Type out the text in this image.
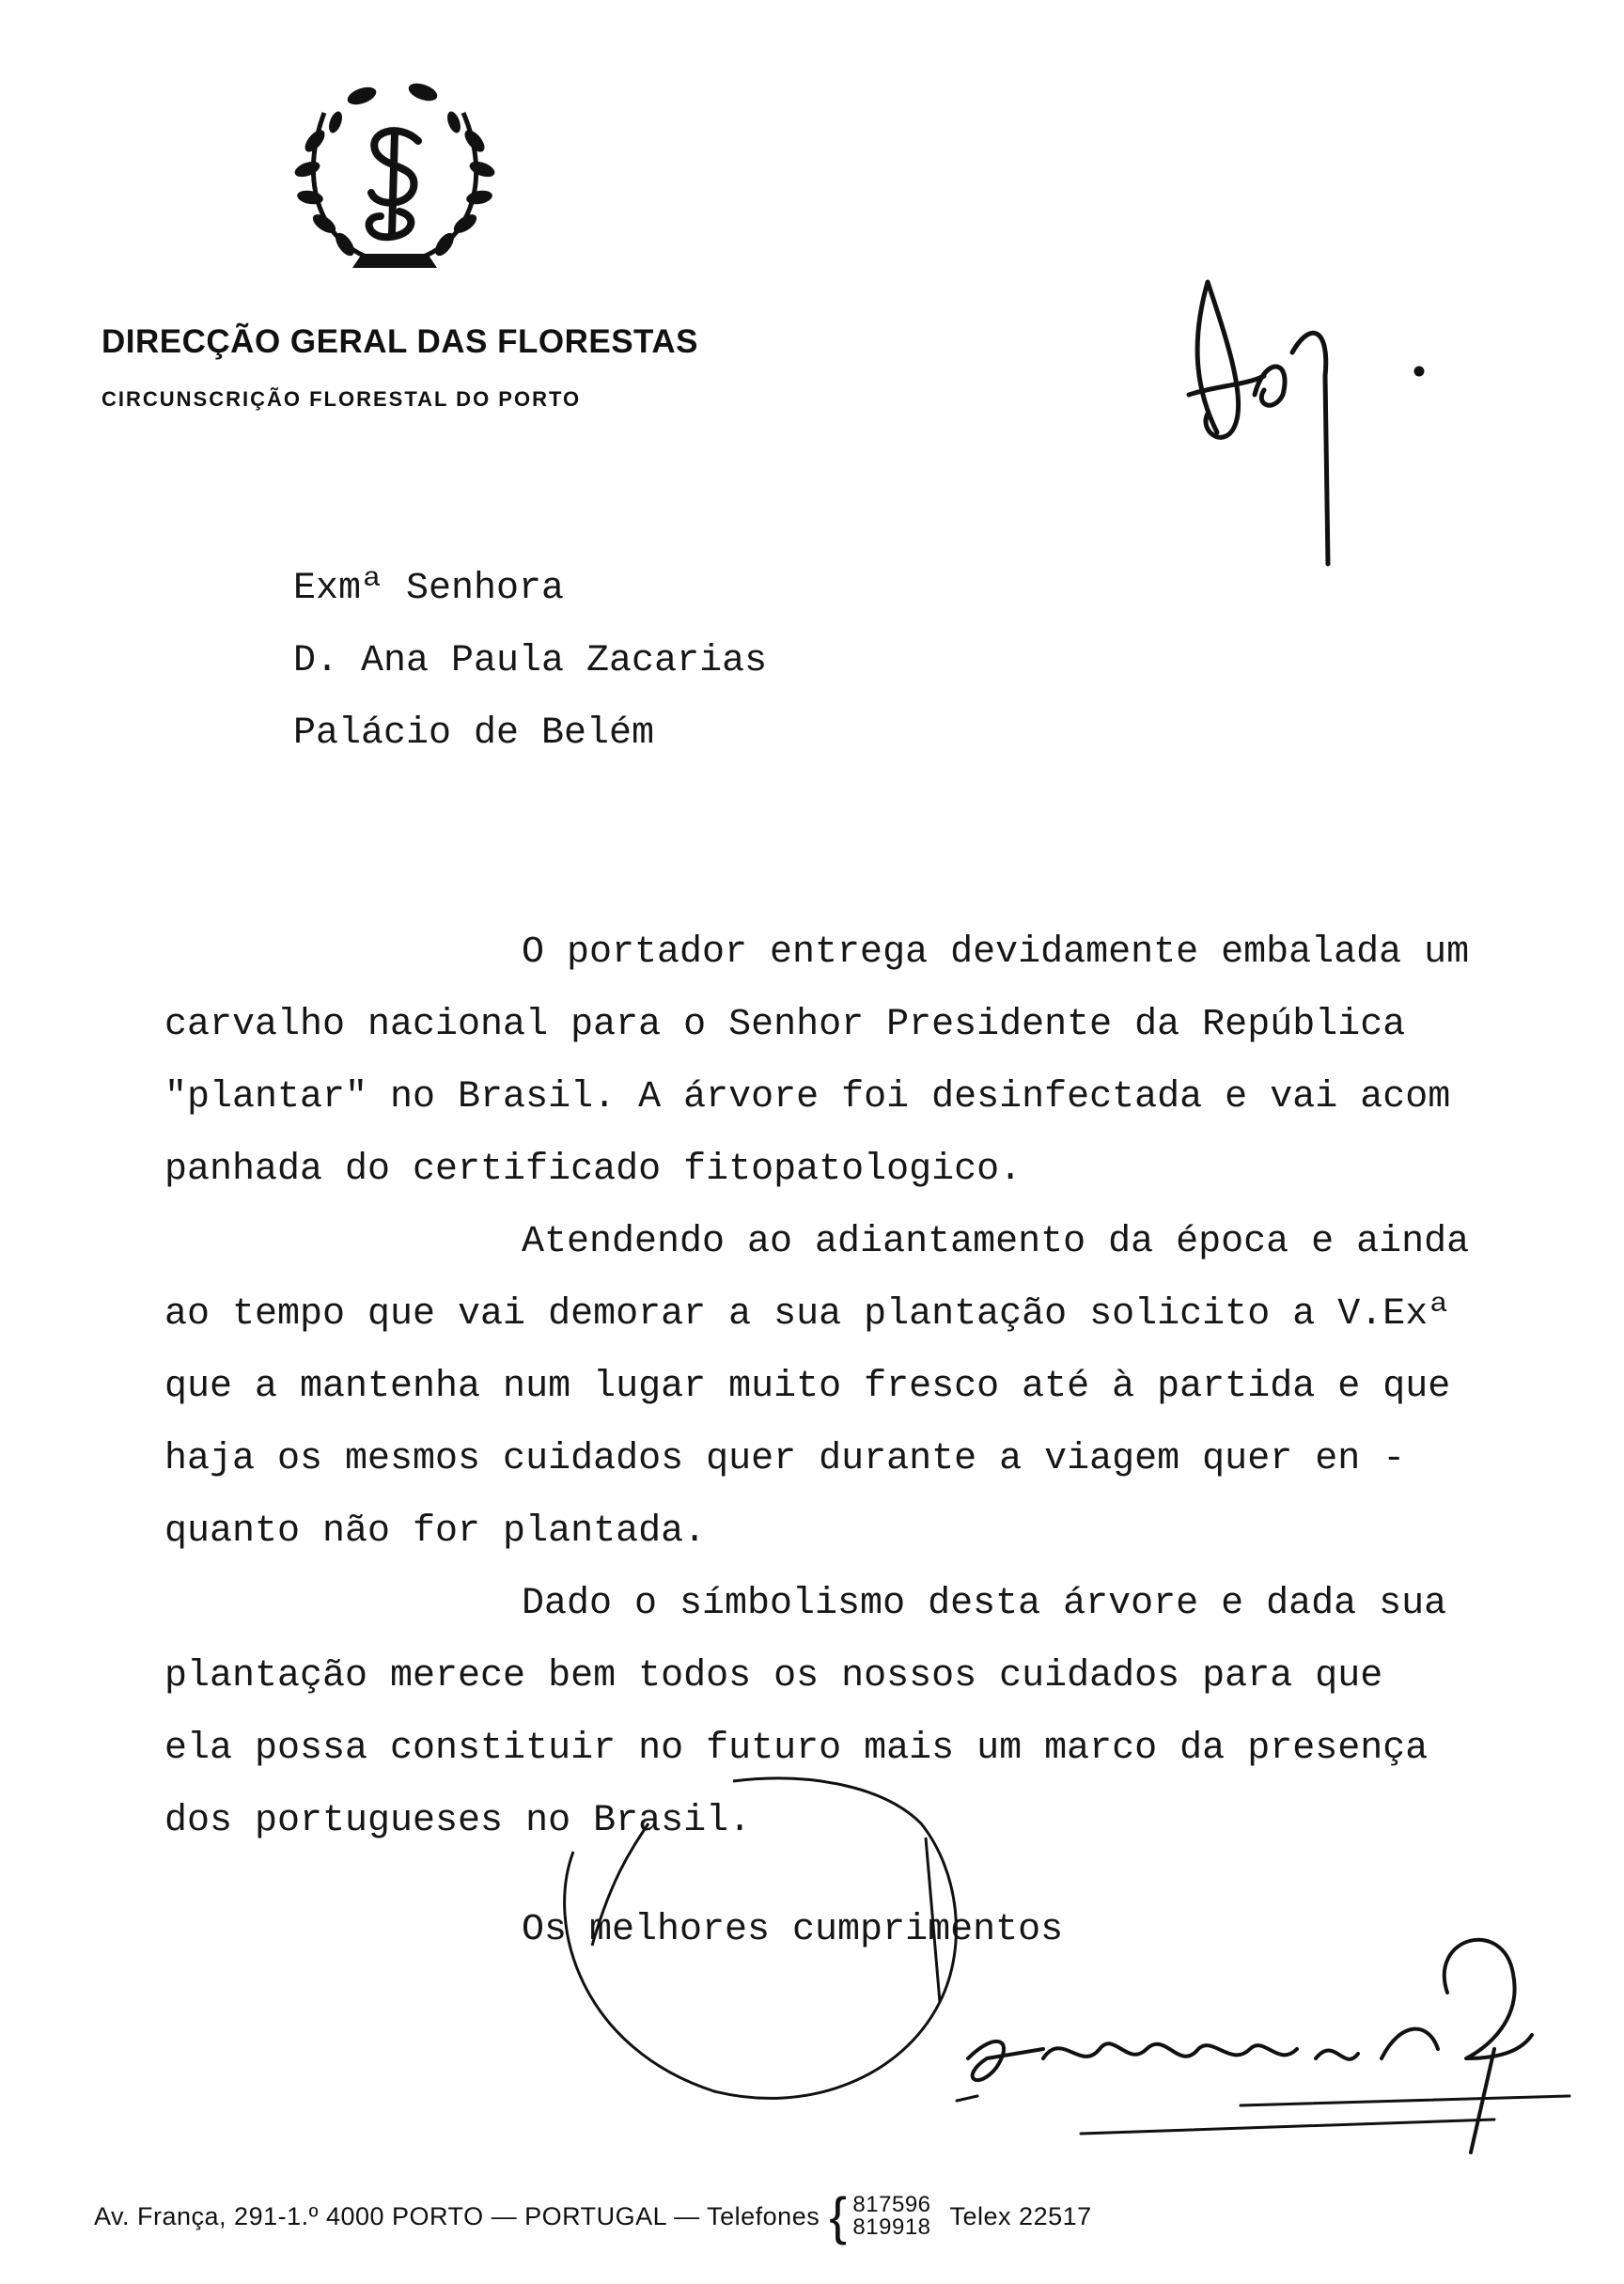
DIRECÇÃO GERAL DAS FLORESTAS
CIRCUNSCRIÇÃO FLORESTAL DO PORTO
Exmª Senhora
D. Ana Paula Zacarias
Palácio de Belém
O portador entrega devidamente embalada um
carvalho nacional para o Senhor Presidente da República
"plantar" no Brasil. A árvore foi desinfectada e vai acom
panhada do certificado fitopatologico.
Atendendo ao adiantamento da época e ainda
ao tempo que vai demorar a sua plantação solicito a V.Exª
que a mantenha num lugar muito fresco até à partida e que
haja os mesmos cuidados quer durante a viagem quer en -
quanto não for plantada.
Dado o símbolismo desta árvore e dada sua
plantação merece bem todos os nossos cuidados para que
ela possa constituir no futuro mais um marco da presença
dos portugueses no Brasil.
Os melhores cumprimentos
Av. França, 291-1.º 4000 PORTO — PORTUGAL — Telefones { 817596
819918 Telex 22517
